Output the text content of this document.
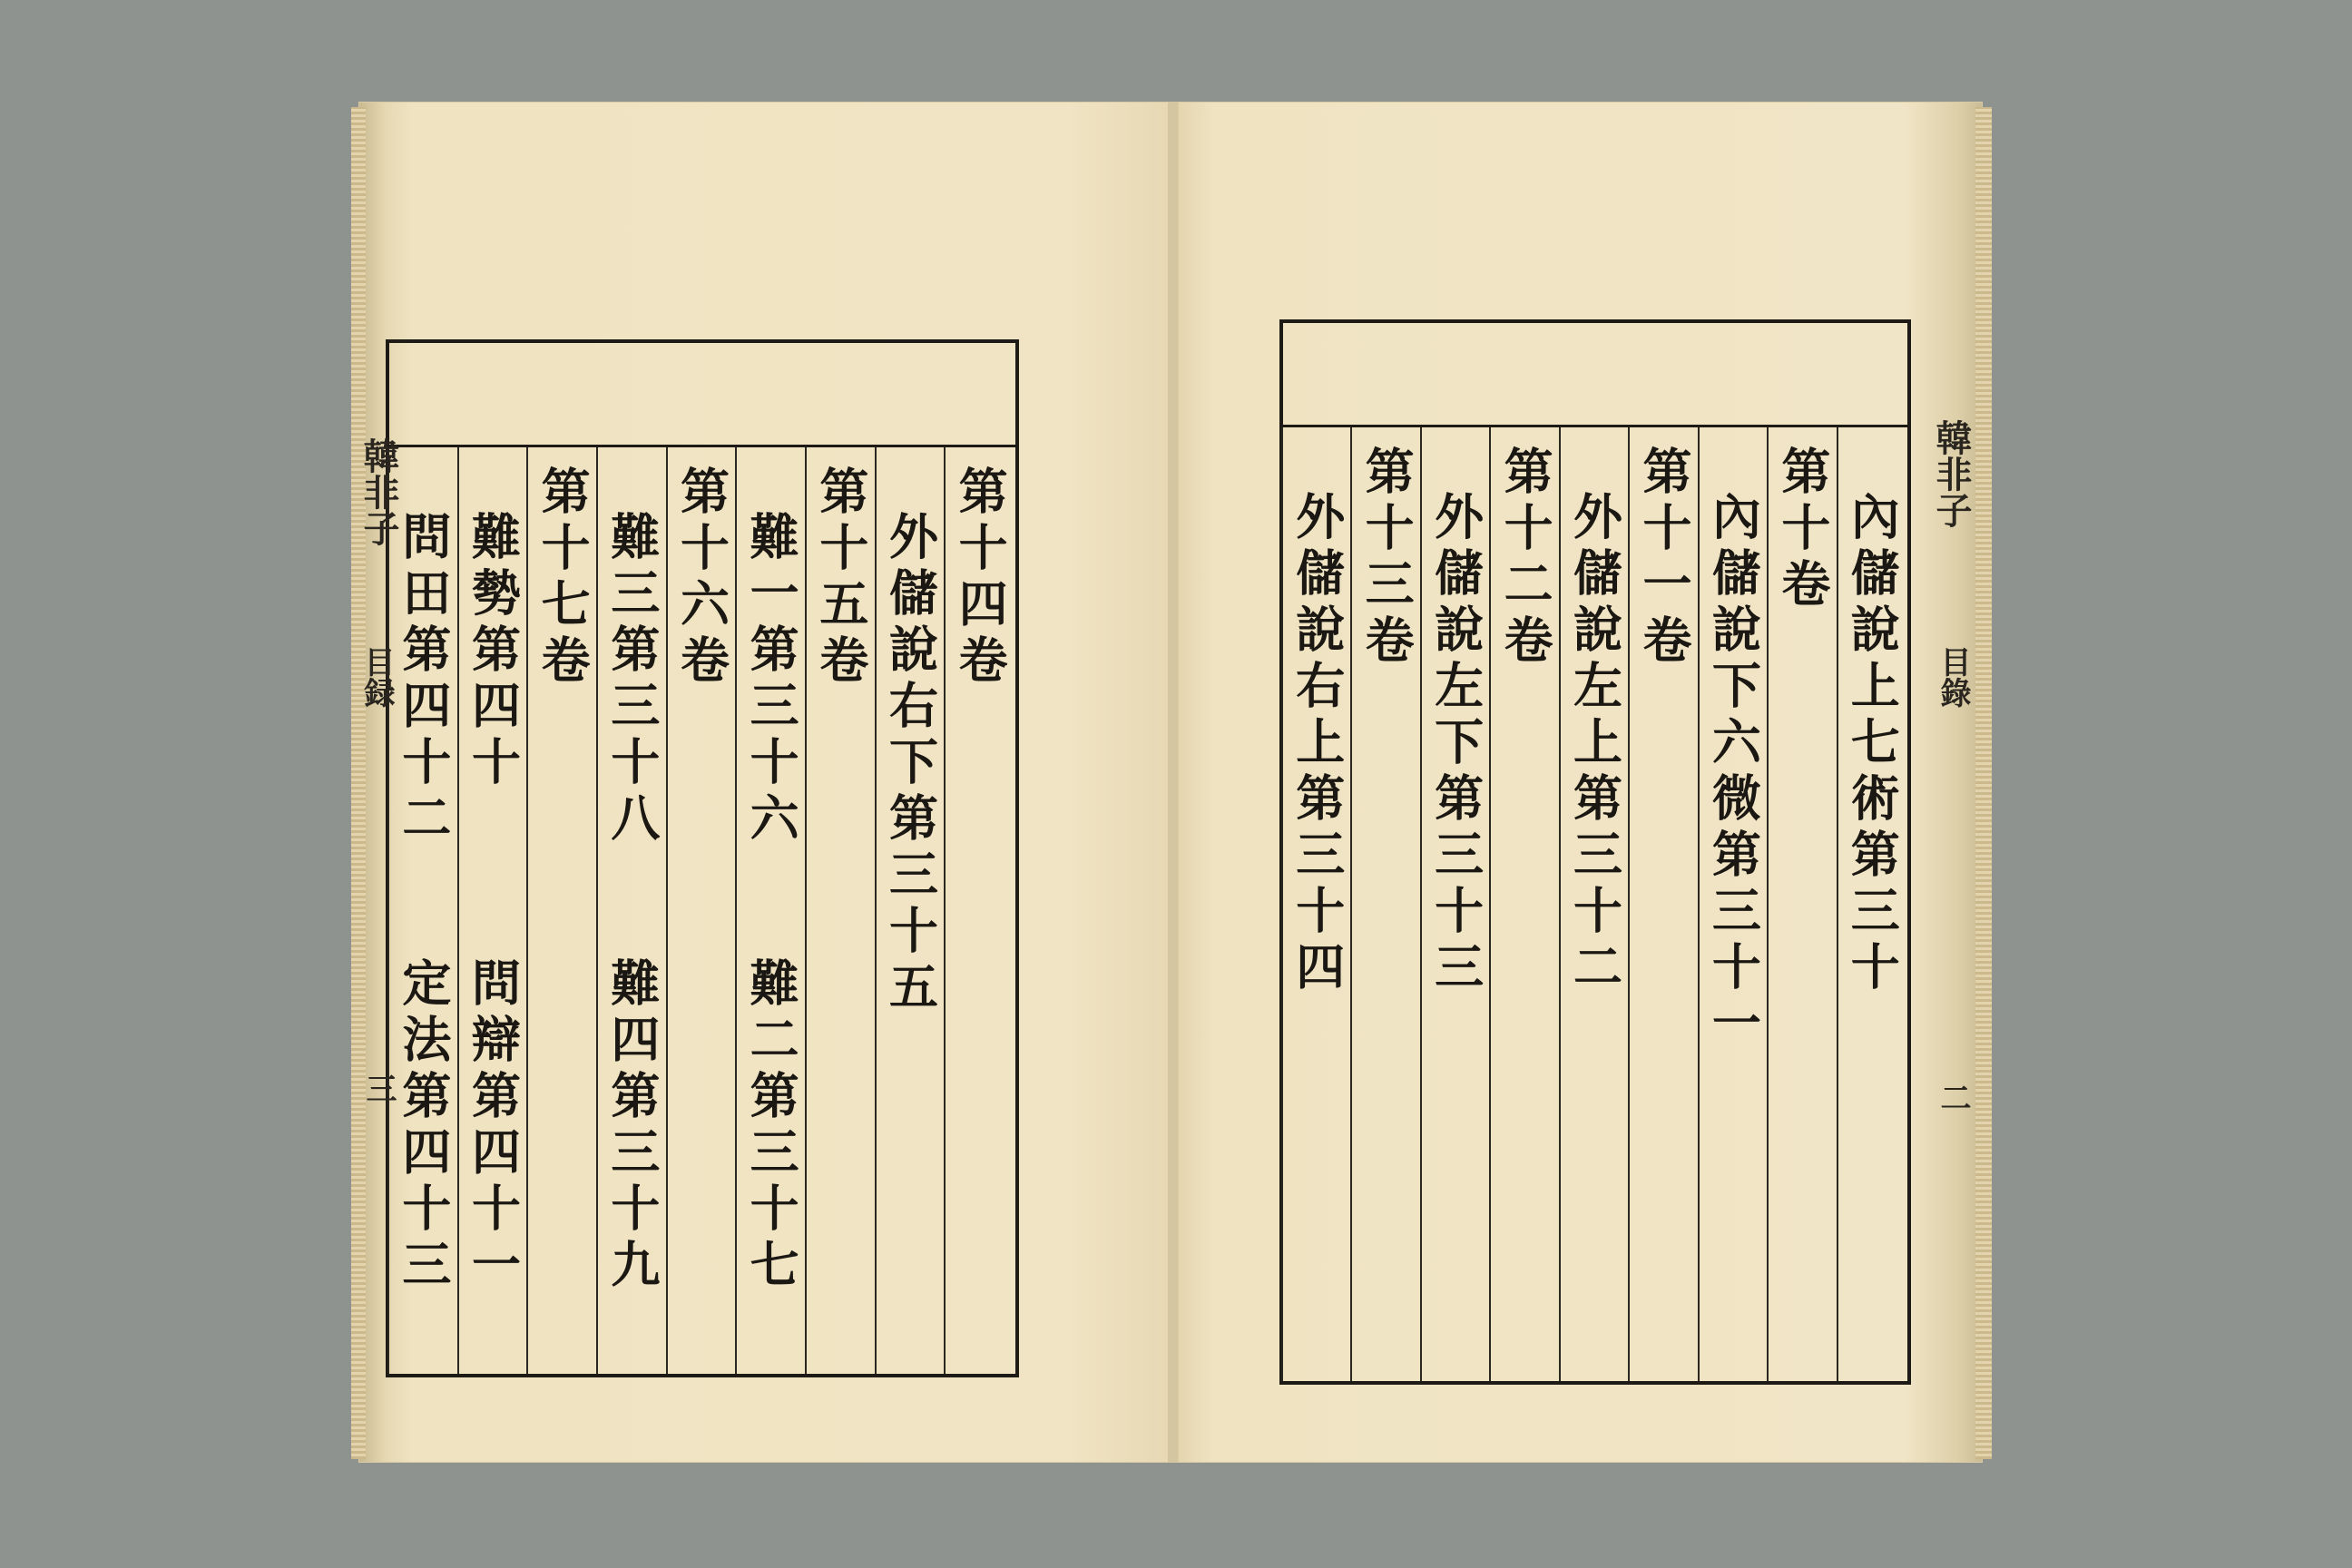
第十四卷
外儲說右下第三十五
第十五卷
難一第三十六
難二第三十七
第十六卷
難三第三十八
難四第三十九
第十七卷
難勢第四十
問辯第四十一
問田第四十二
定法第四十三
韓非子
目録
三
內儲說上七術第三十
第十卷
內儲說下六微第三十一
第十一卷
外儲說左上第三十二
第十二卷
外儲說左下第三十三
第十三卷
外儲說右上第三十四
韓非子
目錄
二
